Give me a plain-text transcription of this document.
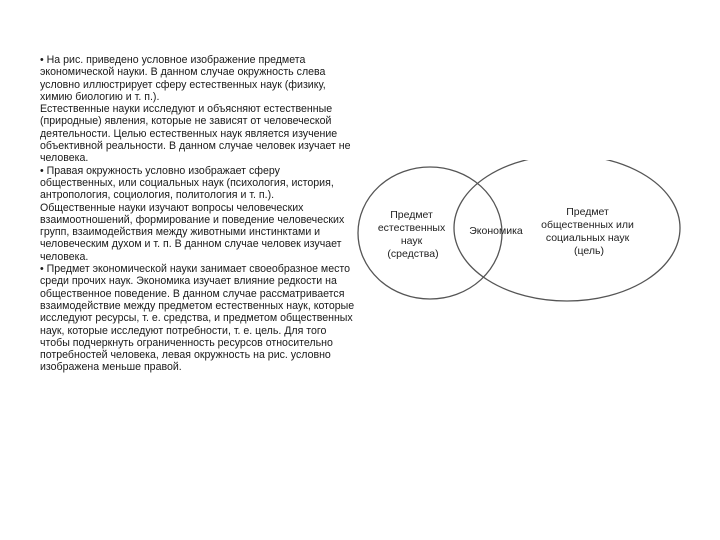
• На рис. приведено условное изображение предмета экономической науки. В данном случае окружность слева условно иллюстрирует сферу естественных наук (физику, химию биологию и т. п.).

Естественные науки исследуют и объясняют естественные (природные) явления, которые не зависят от человеческой деятельности. Целью естественных наук является изучение объективной реальности. В данном случае человек изучает не человека.

• Правая окружность условно изображает сферу общественных, или социальных наук (психология, история, антропология, социология, политология и т. п.).

Общественные науки изучают вопросы человеческих взаимоотношений, формирование и поведение человеческих групп, взаимодействия между животными инстинктами и человеческим духом и т. п. В данном случае человек изучает человека.

• Предмет экономической науки занимает своеобразное место среди прочих наук. Экономика изучает влияние редкости на общественное поведение. В данном случае рассматривается взаимодействие между предметом естественных наук, которые исследуют ресурсы, т. е. средства, и предметом общественных наук, которые исследуют потребности, т. е. цель. Для того чтобы подчеркнуть ограниченность ресурсов относительно потребностей человека, левая окружность на рис. условно изображена меньше правой.

Предмет естественных наук (средства)
Экономика
Предмет общественных или социальных наук (цель)
